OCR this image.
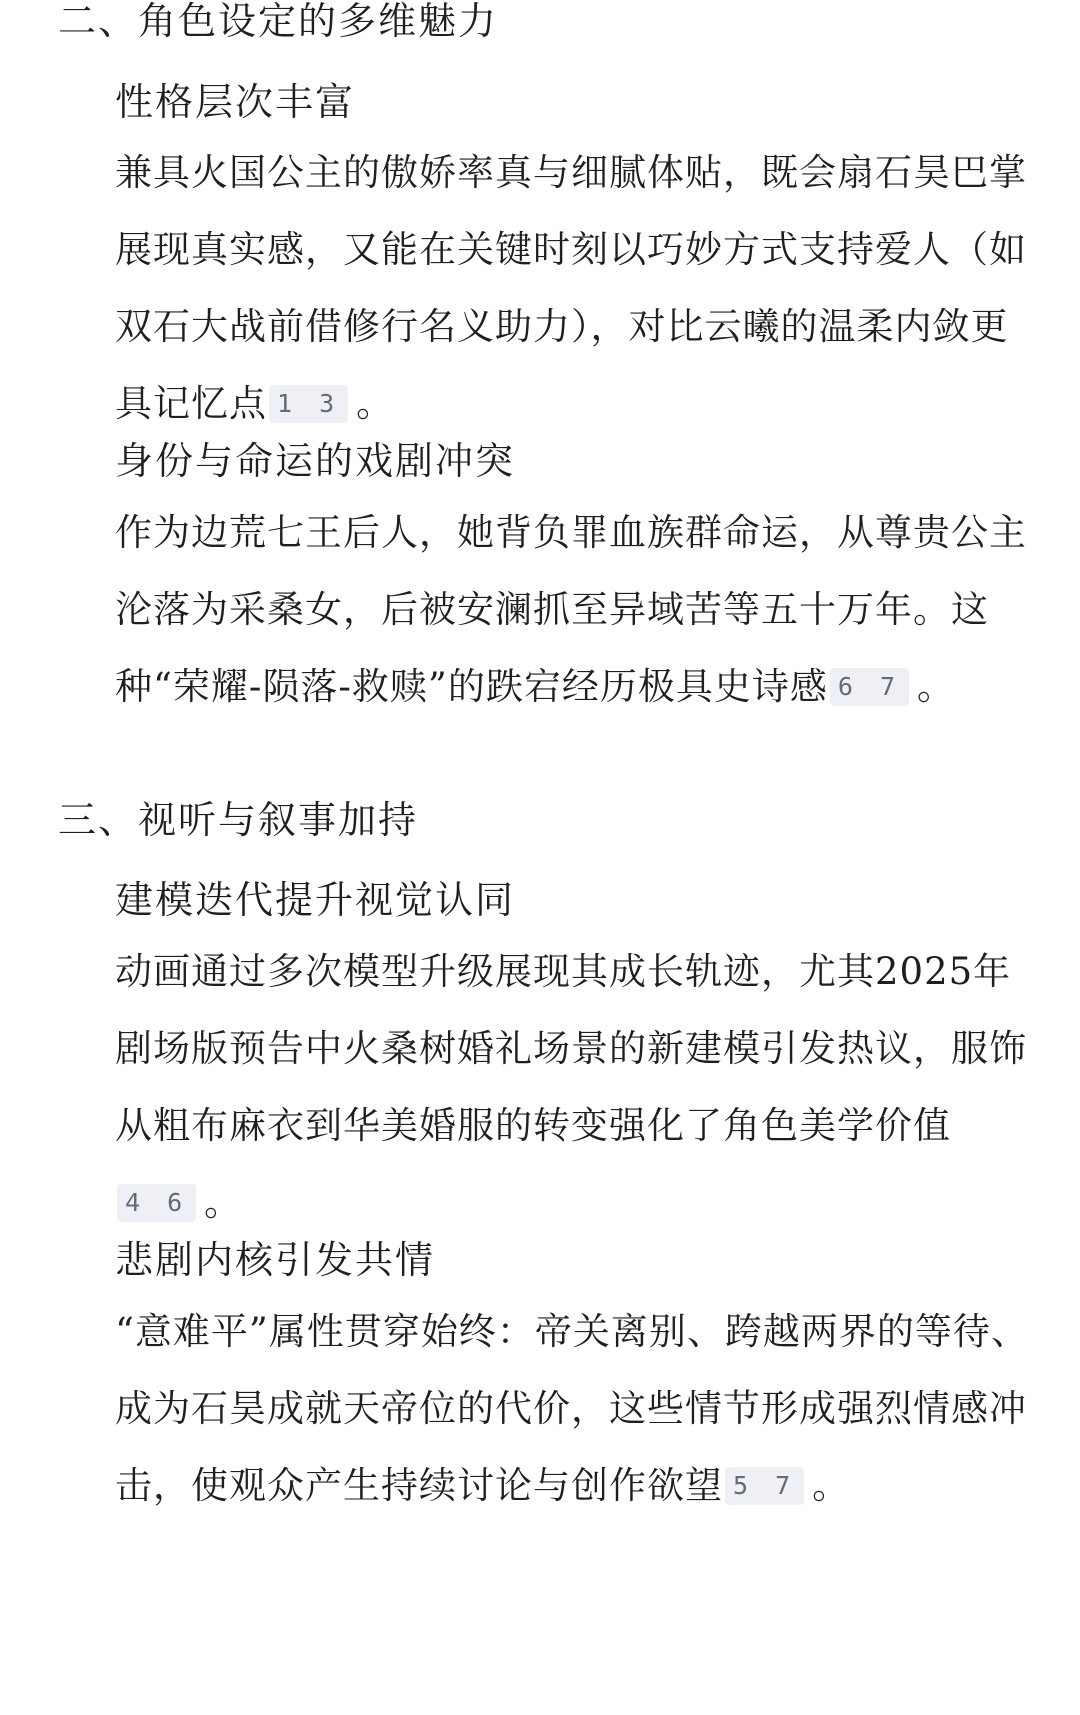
二、角色设定的多维魅力
性格层次丰富

兼具火国公主的傲娇率真与细腻体贴，既会扇石昊巴掌展现真实感，又能在关键时刻以巧妙方式支持爱人（如双石大战前借修行名义助力），对比云曦的温柔内敛更具记忆点 1 3 。

身份与命运的戏剧冲突

作为边荒七王后人，她背负罪血族群命运，从尊贵公主沦落为采桑女，后被安澜抓至异域苦等五十万年。这种“荣耀-陨落-救赎”的跌宕经历极具史诗感 6 7 。

三、视听与叙事加持
建模迭代提升视觉认同

动画通过多次模型升级展现其成长轨迹，尤其2025年剧场版预告中火桑树婚礼场景的新建模引发热议，服饰从粗布麻衣到华美婚服的转变强化了角色美学价值4 6 。

悲剧内核引发共情

“意难平”属性贯穿始终：帝关离别、跨越两界的等待、成为石昊成就天帝位的代价，这些情节形成强烈情感冲击，使观众产生持续讨论与创作欲望 5 7 。
